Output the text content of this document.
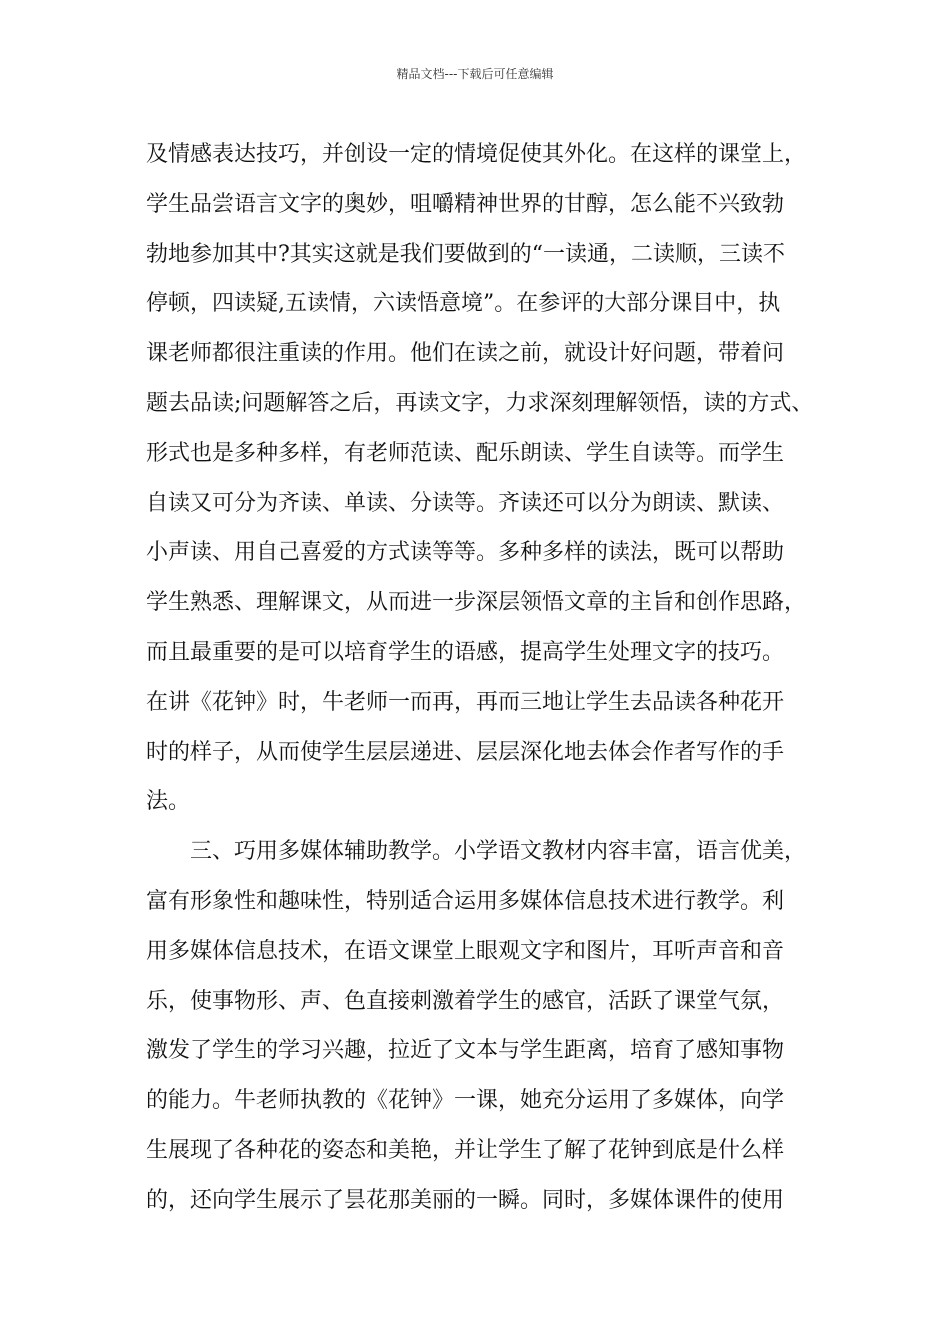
精品文档---下载后可任意编辑
及情感表达技巧，并创设一定的情境促使其外化。在这样的课堂上，
学生品尝语言文字的奥妙，咀嚼精神世界的甘醇，怎么能不兴致勃
勃地参加其中?其实这就是我们要做到的“一读通，二读顺，三读不
停顿，四读疑,五读情，六读悟意境”。在参评的大部分课目中，执
课老师都很注重读的作用。他们在读之前，就设计好问题，带着问
题去品读;问题解答之后，再读文字，力求深刻理解领悟，读的方式、
形式也是多种多样，有老师范读、配乐朗读、学生自读等。而学生
自读又可分为齐读、单读、分读等。齐读还可以分为朗读、默读、
小声读、用自己喜爱的方式读等等。多种多样的读法，既可以帮助
学生熟悉、理解课文，从而进一步深层领悟文章的主旨和创作思路，
而且最重要的是可以培育学生的语感，提高学生处理文字的技巧。
在讲《花钟》时，牛老师一而再，再而三地让学生去品读各种花开
时的样子，从而使学生层层递进、层层深化地去体会作者写作的手
法。
三、巧用多媒体辅助教学。小学语文教材内容丰富，语言优美，
富有形象性和趣味性，特别适合运用多媒体信息技术进行教学。利
用多媒体信息技术，在语文课堂上眼观文字和图片，耳听声音和音
乐，使事物形、声、色直接刺激着学生的感官，活跃了课堂气氛，
激发了学生的学习兴趣，拉近了文本与学生距离，培育了感知事物
的能力。牛老师执教的《花钟》一课，她充分运用了多媒体，向学
生展现了各种花的姿态和美艳，并让学生了解了花钟到底是什么样
的，还向学生展示了昙花那美丽的一瞬。同时，多媒体课件的使用
